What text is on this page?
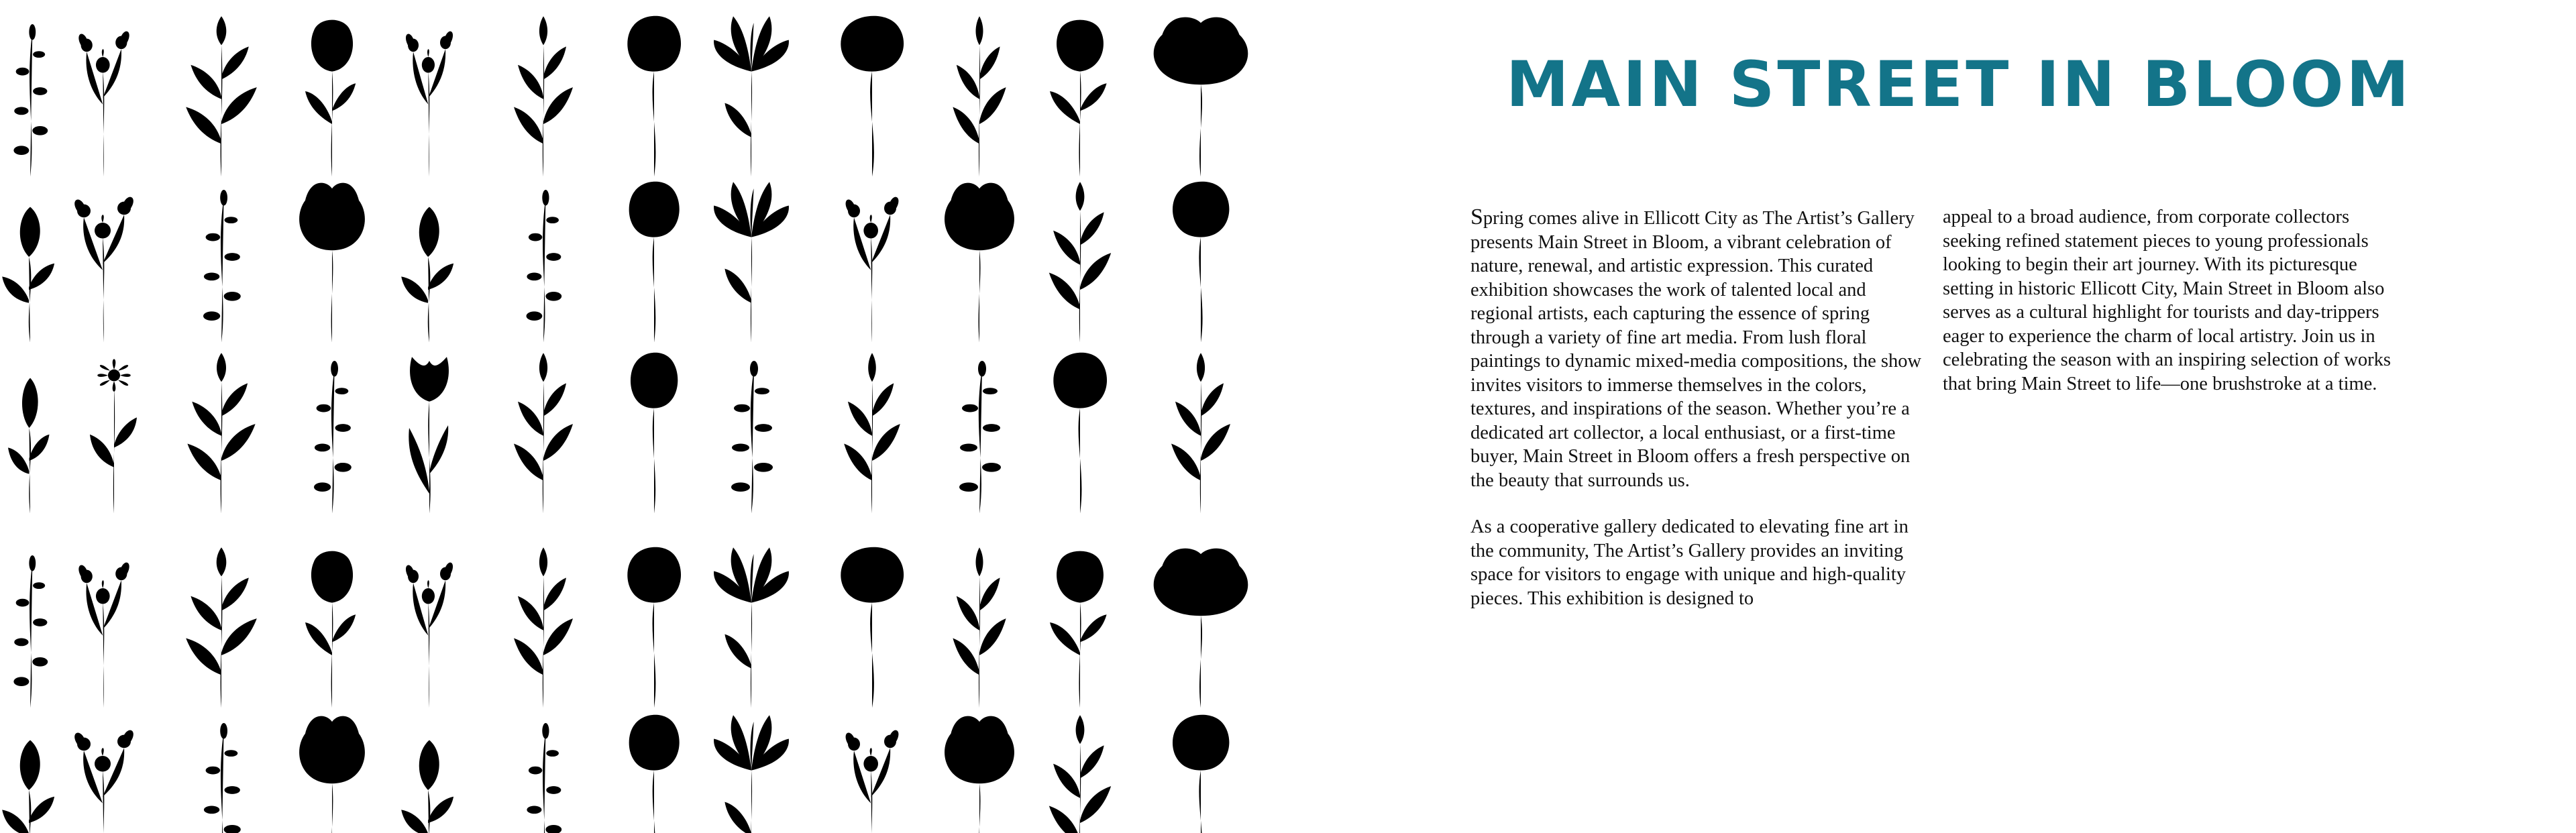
MAIN STREET IN BLOOM

Spring comes alive in Ellicott City as The Artist’s Gallery presents Main Street in Bloom, a vibrant celebration of nature, renewal, and artistic expression. This curated exhibition showcases the work of talented local and regional artists, each capturing the essence of spring through a variety of fine art media. From lush floral paintings to dynamic mixed-media compositions, the show invites visitors to immerse themselves in the colors, textures, and inspirations of the season. Whether you’re a dedicated art collector, a local enthusiast, or a first-time buyer, Main Street in Bloom offers a fresh perspective on the beauty that surrounds us.

As a cooperative gallery dedicated to elevating fine art in the community, The Artist’s Gallery provides an inviting space for visitors to engage with unique and high-quality pieces. This exhibition is designed to

appeal to a broad audience, from corporate collectors seeking refined statement pieces to young professionals looking to begin their art journey. With its picturesque setting in historic Ellicott City, Main Street in Bloom also serves as a cultural highlight for tourists and day-trippers eager to experience the charm of local artistry. Join us in celebrating the season with an inspiring selection of works that bring Main Street to life—one brushstroke at a time.
